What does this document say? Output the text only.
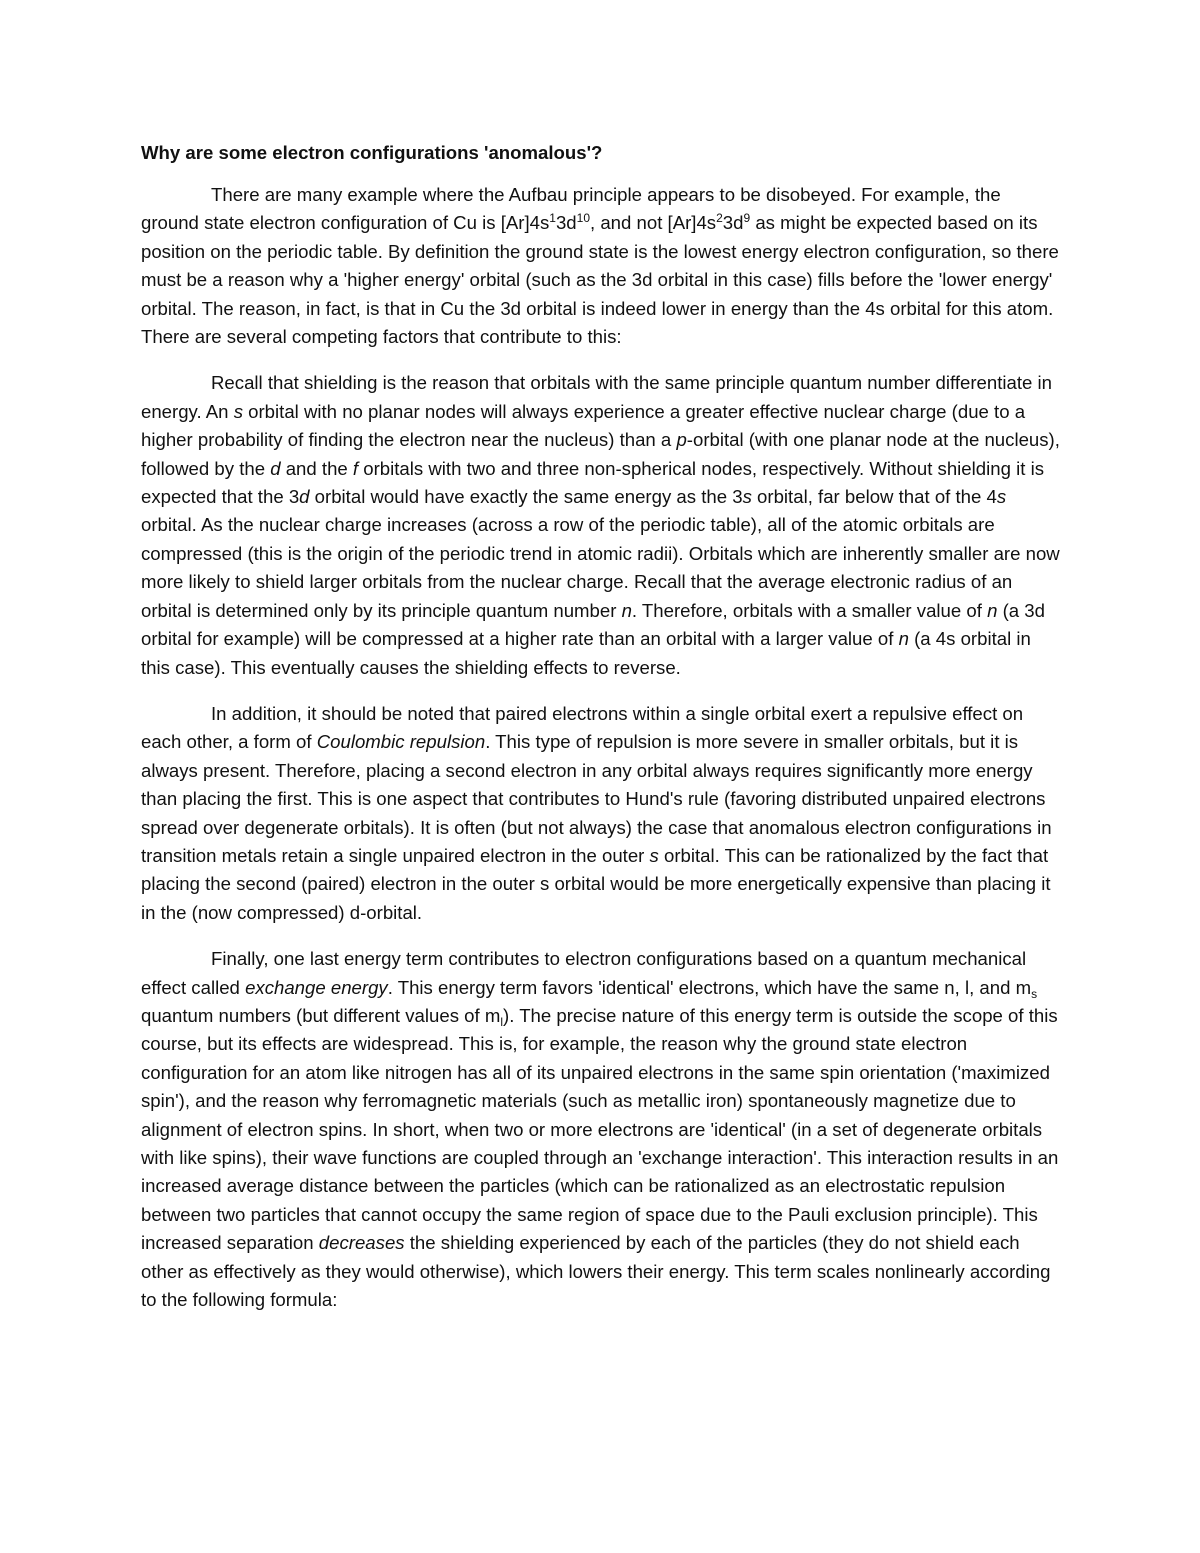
Why are some electron configurations 'anomalous'?

There are many example where the Aufbau principle appears to be disobeyed. For example, the ground state electron configuration of Cu is $[Ar]4s^13d^{10}$, and not $[Ar]4s^23d^9$ as might be expected based on its position on the periodic table. By definition the ground state is the lowest energy electron configuration, so there must be a reason why a 'higher energy' orbital (such as the 3d orbital in this case) fills before the 'lower energy' orbital. The reason, in fact, is that in Cu the 3d orbital is indeed lower in energy than the 4s orbital for this atom. There are several competing factors that contribute to this:

Recall that shielding is the reason that orbitals with the same principle quantum number differentiate in energy. An s orbital with no planar nodes will always experience a greater effective nuclear charge (due to a higher probability of finding the electron near the nucleus) than a p-orbital (with one planar node at the nucleus), followed by the d and the f orbitals with two and three non-spherical nodes, respectively. Without shielding it is expected that the 3d orbital would have exactly the same energy as the 3s orbital, far below that of the 4s orbital. As the nuclear charge increases (across a row of the periodic table), all of the atomic orbitals are compressed (this is the origin of the periodic trend in atomic radii). Orbitals which are inherently smaller are now more likely to shield larger orbitals from the nuclear charge. Recall that the average electronic radius of an orbital is determined only by its principle quantum number n. Therefore, orbitals with a smaller value of n (a 3d orbital for example) will be compressed at a higher rate than an orbital with a larger value of n (a 4s orbital in this case). This eventually causes the shielding effects to reverse.

In addition, it should be noted that paired electrons within a single orbital exert a repulsive effect on each other, a form of Coulombic repulsion. This type of repulsion is more severe in smaller orbitals, but it is always present. Therefore, placing a second electron in any orbital always requires significantly more energy than placing the first. This is one aspect that contributes to Hund's rule (favoring distributed unpaired electrons spread over degenerate orbitals). It is often (but not always) the case that anomalous electron configurations in transition metals retain a single unpaired electron in the outer s orbital. This can be rationalized by the fact that placing the second (paired) electron in the outer s orbital would be more energetically expensive than placing it in the (now compressed) d-orbital.

Finally, one last energy term contributes to electron configurations based on a quantum mechanical effect called exchange energy. This energy term favors 'identical' electrons, which have the same n, l, and $m_s$ quantum numbers (but different values of $m_l$). The precise nature of this energy term is outside the scope of this course, but its effects are widespread. This is, for example, the reason why the ground state electron configuration for an atom like nitrogen has all of its unpaired electrons in the same spin orientation ('maximized spin'), and the reason why ferromagnetic materials (such as metallic iron) spontaneously magnetize due to alignment of electron spins. In short, when two or more electrons are 'identical' (in a set of degenerate orbitals with like spins), their wave functions are coupled through an 'exchange interaction'. This interaction results in an increased average distance between the particles (which can be rationalized as an electrostatic repulsion between two particles that cannot occupy the same region of space due to the Pauli exclusion principle). This increased separation decreases the shielding experienced by each of the particles (they do not shield each other as effectively as they would otherwise), which lowers their energy. This term scales nonlinearly according to the following formula:
